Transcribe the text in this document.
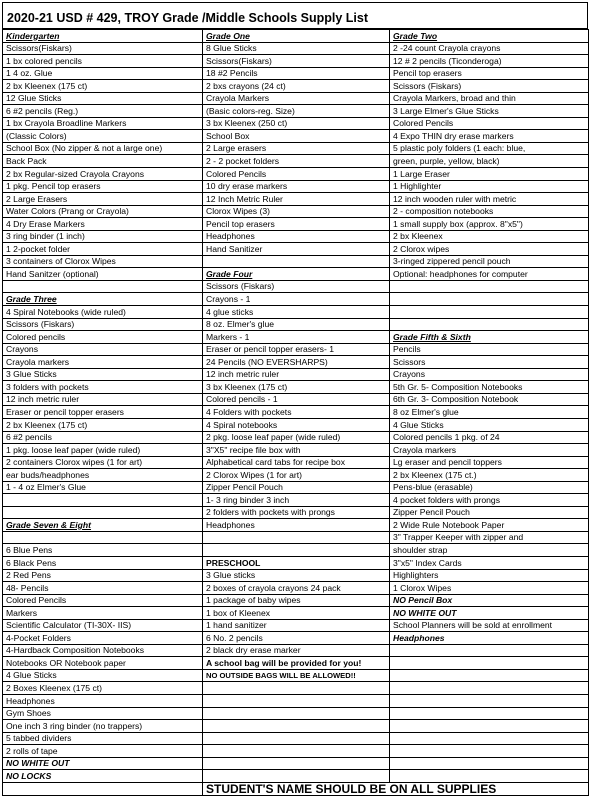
2020-21 USD # 429, TROY Grade /Middle Schools Supply List
Kindergarten	Grade One	Grade Two
Scissors(Fiskars)	8 Glue Sticks	2 -24 count Crayola crayons
1 bx colored pencils	Scissors(Fiskars)	12 # 2 pencils (Ticonderoga)
1 4 oz. Glue	18 #2 Pencils	Pencil top erasers
2 bx Kleenex (175 ct)	2 bxs crayons (24 ct)	Scissors (Fiskars)
12 Glue Sticks	Crayola Markers	Crayola Markers, broad and thin
6 #2 pencils (Reg.)	(Basic colors-reg. Size)	3 Large Elmer's Glue Sticks
1 bx Crayola Broadline Markers	3 bx Kleenex (250 ct)	Colored Pencils
(Classic Colors)	School Box	4 Expo THIN dry erase markers
School Box (No zipper & not a large one)	2 Large erasers	5 plastic poly folders (1 each: blue,
Back Pack	2 - 2 pocket folders	green, purple, yellow, black)
2 bx Regular-sized Crayola Crayons	Colored Pencils	1 Large Eraser
1 pkg. Pencil top erasers	10 dry erase markers	1 Highlighter
2 Large Erasers	12 Inch Metric Ruler	12 inch wooden ruler with metric
Water Colors (Prang or Crayola)	Clorox Wipes (3)	2 - composition notebooks
4 Dry Erase Markers	Pencil top erasers	1 small supply box (approx. 8"x5")
3 ring binder (1 inch)	Headphones	2 bx Kleenex
1 2-pocket folder	Hand Sanitizer	2 Clorox wipes
3 containers of Clorox Wipes		3-ringed zippered pencil pouch
Hand Sanitzer (optional)	Grade Four	Optional: headphones for computer
	Scissors (Fiskars)	
Grade Three	Crayons - 1	
4 Spiral Notebooks (wide ruled)	4 glue sticks	
Scissors (Fiskars)	8 oz. Elmer's glue	
Colored pencils	Markers - 1	Grade Fifth & Sixth
Crayons	Eraser or pencil topper erasers- 1	Pencils
Crayola markers	24 Pencils (NO EVERSHARPS)	Scissors
3 Glue Sticks	12 inch metric ruler	Crayons
3 folders with pockets	3 bx Kleenex (175 ct)	5th Gr. 5- Composition Notebooks
12 inch metric ruler	Colored pencils - 1	6th Gr. 3- Composition Notebook
Eraser or pencil topper erasers	4 Folders with pockets	8 oz Elmer's glue
2 bx Kleenex (175 ct)	4 Spiral notebooks	4 Glue Sticks
6 #2 pencils	2 pkg. loose leaf paper (wide ruled)	Colored pencils 1 pkg. of 24
1 pkg. loose leaf paper (wide ruled)	3"X5" recipe file box with	Crayola markers
2 containers Clorox wipes (1 for art)	Alphabetical card tabs for recipe box	Lg eraser and pencil toppers
ear buds/headphones	2 Clorox Wipes (1 for art)	2 bx Kleenex (175 ct.)
1 - 4 oz Elmer's Glue	Zipper Pencil Pouch	Pens-blue (erasable)
	1- 3 ring binder 3 inch	4 pocket folders with prongs
	2 folders with pockets with prongs	Zipper Pencil Pouch
Grade Seven & Eight	Headphones	2 Wide Rule Notebook Paper
		3" Trapper Keeper with zipper and
6 Blue Pens		shoulder strap
6 Black Pens	PRESCHOOL	3"x5" Index Cards
2 Red Pens	3 Glue sticks	Highlighters
48- Pencils	2 boxes of crayola crayons 24 pack	1 Clorox Wipes
Colored Pencils	1 package of baby wipes	NO Pencil Box
Markers	1 box of Kleenex	NO WHITE OUT
Scientific Calculator (TI-30X- IIS)	1 hand sanitizer	School Planners will be sold at enrollment
4-Pocket Folders	6 No. 2 pencils	Headphones
4-Hardback Composition Notebooks	2 black dry erase marker	
Notebooks OR Notebook paper	A school bag will be provided for you!	
4 Glue Sticks	NO OUTSIDE BAGS WILL BE ALLOWED!!	
2 Boxes Kleenex (175 ct)		
Headphones		
Gym Shoes		
One inch 3 ring binder (no trappers)		
5 tabbed dividers		
2 rolls of tape		
NO WHITE OUT		
NO LOCKS		
	STUDENT'S NAME SHOULD BE ON ALL SUPPLIES	
